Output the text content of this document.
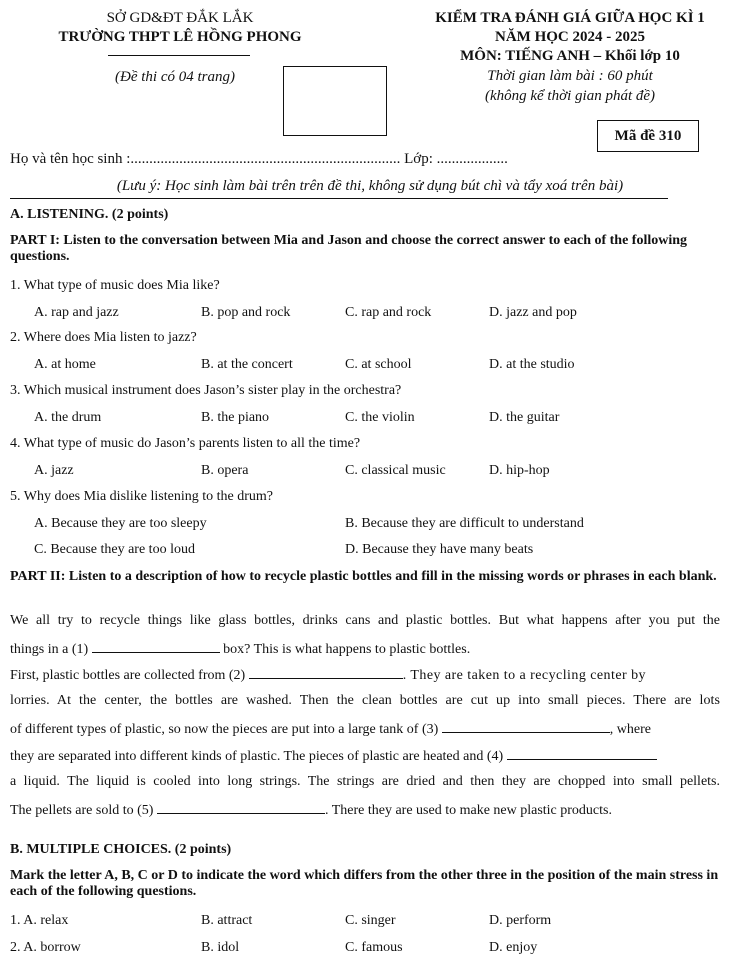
SỞ GD&ĐT ĐẮK LẮK
TRƯỜNG THPT LÊ HỒNG PHONG
(Đề thi có 04 trang)
KIỂM TRA ĐÁNH GIÁ GIỮA HỌC KÌ 1
NĂM HỌC 2024 - 2025
MÔN: TIẾNG ANH – Khối lớp 10
Thời gian làm bài : 60 phút
(không kể thời gian phát đề)
Mã đề 310
Họ và tên học sinh :........................................................................ Lớp: ...................
(Lưu ý: Học sinh làm bài trên trên đề thi, không sử dụng bút chì và tẩy xoá trên bài)
A. LISTENING. (2 points)
PART I: Listen to the conversation between Mia and Jason and choose the correct answer to each of the following questions.
1. What type of music does Mia like?
A. rap and jazz	B. pop and rock	C. rap and rock	D. jazz and pop
2. Where does Mia listen to jazz?
A. at home	B. at the concert	C. at school	D. at the studio
3. Which musical instrument does Jason’s sister play in the orchestra?
A. the drum	B. the piano	C. the violin	D. the guitar
4. What type of music do Jason’s parents listen to all the time?
A. jazz	B. opera	C. classical music	D. hip-hop
5. Why does Mia dislike listening to the drum?
A. Because they are too sleepy	B. Because they are difficult to understand
C. Because they are too loud	D. Because they have many beats
PART II: Listen to a description of how to recycle plastic bottles and fill in the missing words or phrases in each blank.
We all try to recycle things like glass bottles, drinks cans and plastic bottles. But what happens after you put the
things in a (1)	box? This is what happens to plastic bottles.
First, plastic bottles are collected from (2)	. They are taken to a recycling center by
lorries. At the center, the bottles are washed. Then the clean bottles are cut up into small pieces. There are lots
of different types of plastic, so now the pieces are put into a large tank of (3)	, where
they are separated into different kinds of plastic. The pieces of plastic are heated and (4)
a liquid. The liquid is cooled into long strings. The strings are dried and then they are chopped into small pellets.
The pellets are sold to (5)	. There they are used to make new plastic products.
B. MULTIPLE CHOICES. (2 points)
Mark the letter A, B, C or D to indicate the word which differs from the other three in the position of the main stress in each of the following questions.
1. A. relax	B. attract	C. singer	D. perform
2. A. borrow	B. idol	C. famous	D. enjoy
